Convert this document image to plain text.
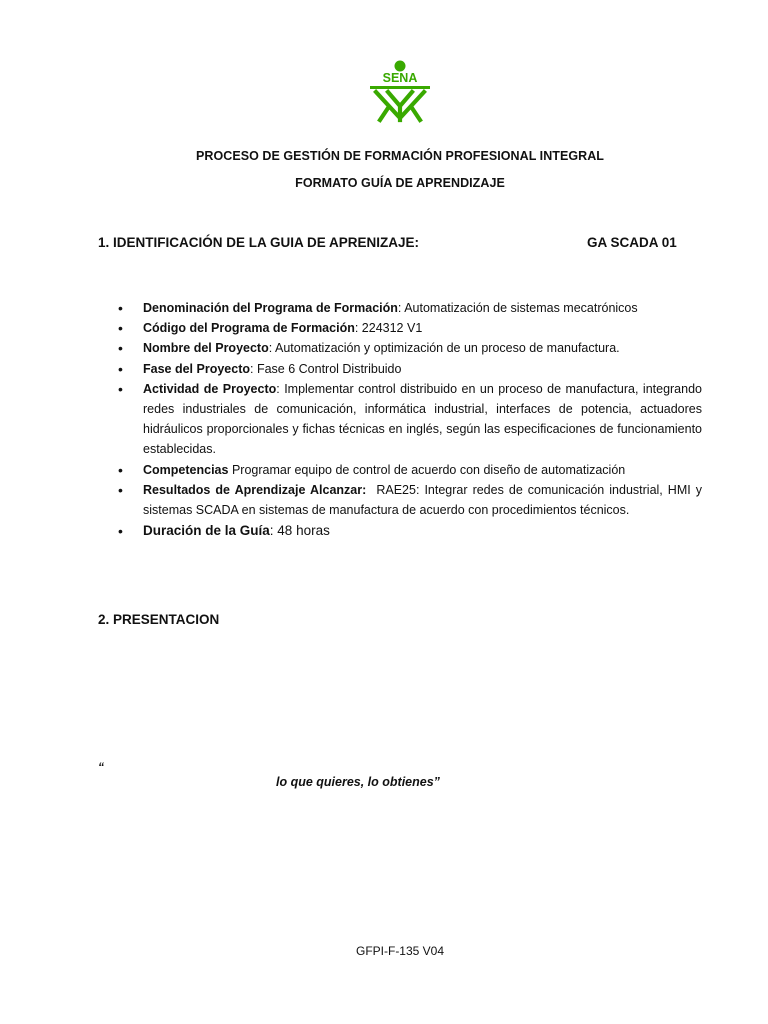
SENA
PROCESO DE GESTIÓN DE FORMACIÓN PROFESIONAL INTEGRAL
FORMATO GUÍA DE APRENDIZAJE
1. IDENTIFICACIÓN DE LA GUIA DE APRENIZAJE:	GA SCADA 01
• Denominación del Programa de Formación: Automatización de sistemas mecatrónicos
• Código del Programa de Formación: 224312 V1
• Nombre del Proyecto: Automatización y optimización de un proceso de manufactura.
• Fase del Proyecto: Fase 6 Control Distribuido
• Actividad de Proyecto: Implementar control distribuido en un proceso de manufactura, integrando redes industriales de comunicación, informática industrial, interfaces de potencia, actuadores hidráulicos proporcionales y fichas técnicas en inglés, según las especificaciones de funcionamiento establecidas.
• Competencias Programar equipo de control de acuerdo con diseño de automatización
• Resultados de Aprendizaje Alcanzar: RAE25: Integrar redes de comunicación industrial, HMI y sistemas SCADA en sistemas de manufactura de acuerdo con procedimientos técnicos.
• Duración de la Guía: 48 horas
2. PRESENTACION
“
lo que quieres, lo obtienes”
GFPI-F-135 V04
